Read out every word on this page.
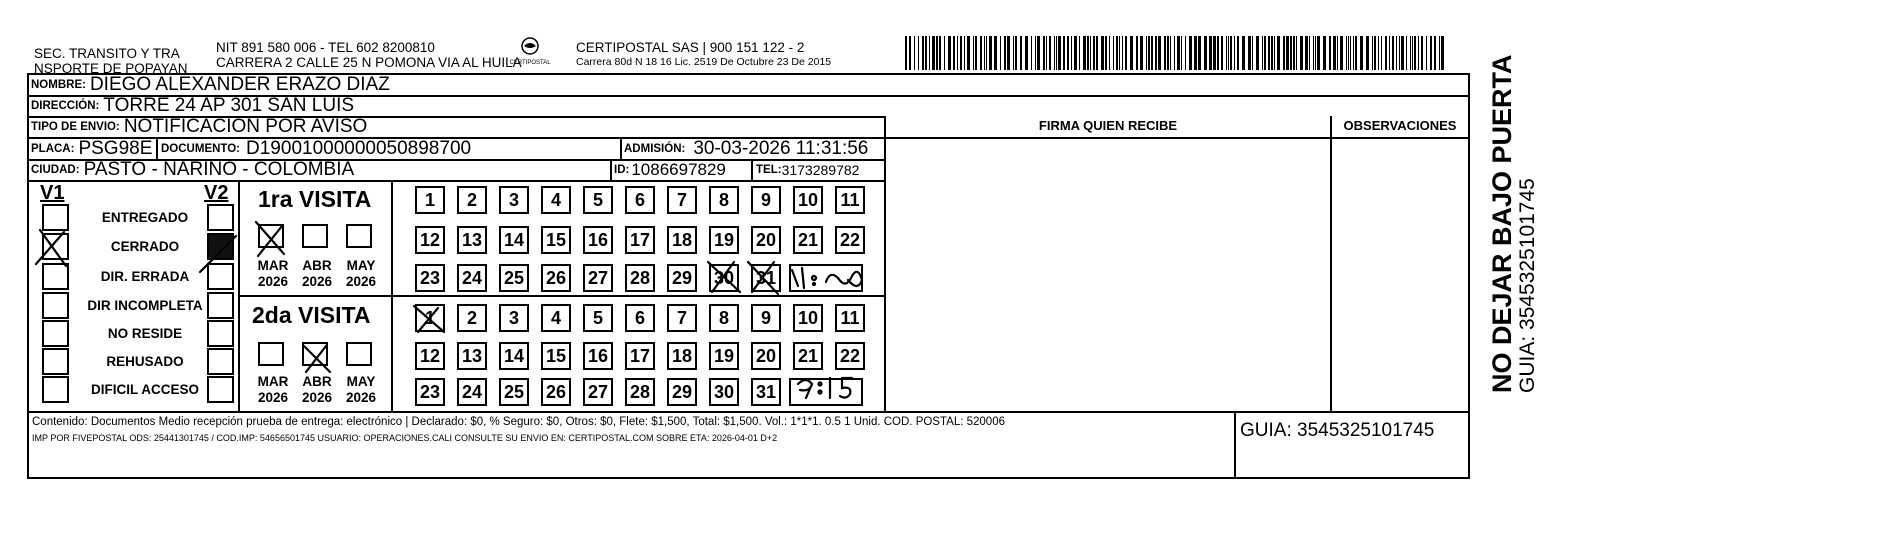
SEC. TRANSITO Y TRA
NSPORTE DE POPAYAN
NIT 891 580 006 - TEL 602 8200810
CARRERA 2 CALLE 25 N POMONA VIA AL HUILA
CERTIPOSTAL
CERTIPOSTAL SAS | 900 151 122 - 2
Carrera 80d N 18 16 Lic. 2519 De Octubre 23 De 2015
NOMBRE: DIEGO ALEXANDER ERAZO DIAZ
DIRECCIÓN: TORRE 24 AP 301 SAN LUIS
TIPO DE ENVIO: NOTIFICACION POR AVISO	FIRMA QUIEN RECIBE	OBSERVACIONES
PLACA: PSG98E DOCUMENTO: D19001000000050898700	ADMISIÓN: 30-03-2026 11:31:56
CIUDAD: PASTO - NARINO - COLOMBIA	ID: 1086697829	TEL: 3173289782
V1	V2
ENTREGADO
CERRADO
DIR. ERRADA
DIR INCOMPLETA
NO RESIDE
REHUSADO
DIFICIL ACCESO
1ra VISITA
2da VISITA
MAR
2026
ABR
2026
MAY
2026
MAR
2026
ABR
2026
MAY
2026
1	2	3	4	5	6	7	8	9	10	11
12 13 14 15 16 17 18 19 20 21 22
23 24 25 26 27 28 29 30 31
1	2	3	4	5	6	7	8	9	10	11
12 13 14 15 16 17 18 19 20 21 22
23 24 25 26 27 28 29 30 31
Contenido: Documentos Medio recepción prueba de entrega: electrónico | Declarado: $0, % Seguro: $0, Otros: $0, Flete: $1,500, Total: $1,500. Vol.: 1*1*1. 0.5 1 Unid. COD. POSTAL: 520006
IMP POR FIVEPOSTAL ODS: 25441301745 / COD.IMP: 54656501745 USUARIO: OPERACIONES.CALI CONSULTE SU ENVIO EN: CERTIPOSTAL.COM SOBRE ETA: 2026-04-01 D+2	GUIA: 3545325101745
NO DEJAR BAJO PUERTA GUIA: 3545325101745
